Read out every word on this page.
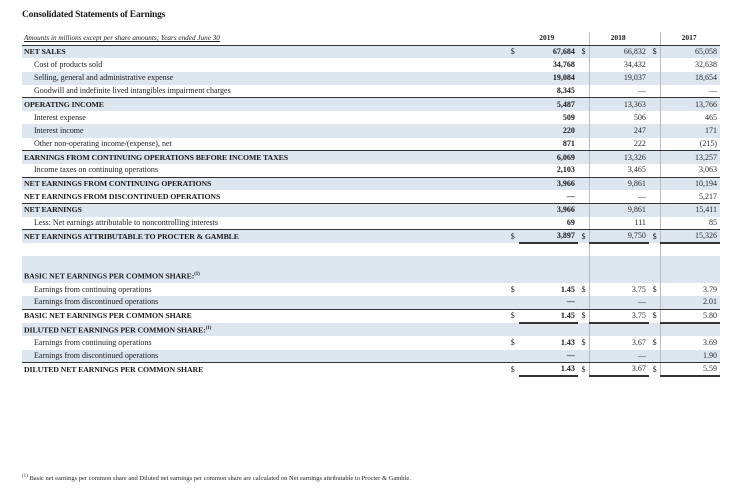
Consolidated Statements of Earnings
Amounts in millions except per share amounts; Years ended June 30		2019		2018		2017
NET SALES	$	67,684	$	66,832	$	65,058
Cost of products sold		34,768		34,432		32,638
Selling, general and administrative expense		19,084		19,037		18,654
Goodwill and indefinite lived intangibles impairment charges		8,345		—		—
OPERATING INCOME		5,487		13,363		13,766
Interest expense		509		506		465
Interest income		220		247		171
Other non-operating income/(expense), net		871		222		(215)
EARNINGS FROM CONTINUING OPERATIONS BEFORE INCOME TAXES		6,069		13,326		13,257
Income taxes on continuing operations		2,103		3,465		3,063
NET EARNINGS FROM CONTINUING OPERATIONS		3,966		9,861		10,194
NET EARNINGS FROM DISCONTINUED OPERATIONS		—		—		5,217
NET EARNINGS		3,966		9,861		15,411
Less: Net earnings attributable to noncontrolling interests		69		111		85
NET EARNINGS ATTRIBUTABLE TO PROCTER & GAMBLE	$	3,897	$	9,750	$	15,326

BASIC NET EARNINGS PER COMMON SHARE:$^{(1)}$						
Earnings from continuing operations	$	1.45	$	3.75	$	3.79
Earnings from discontinued operations		—		—		2.01
BASIC NET EARNINGS PER COMMON SHARE	$	1.45	$	3.75	$	5.80
DILUTED NET EARNINGS PER COMMON SHARE:$^{(1)}$						
Earnings from continuing operations	$	1.43	$	3.67	$	3.69
Earnings from discontinued operations		—		—		1.90
DILUTED NET EARNINGS PER COMMON SHARE	$	1.43	$	3.67	$	5.59
$^{(1)}$ Basic net earnings per common share and Diluted net earnings per common share are calculated on Net earnings attributable to Procter & Gamble.
